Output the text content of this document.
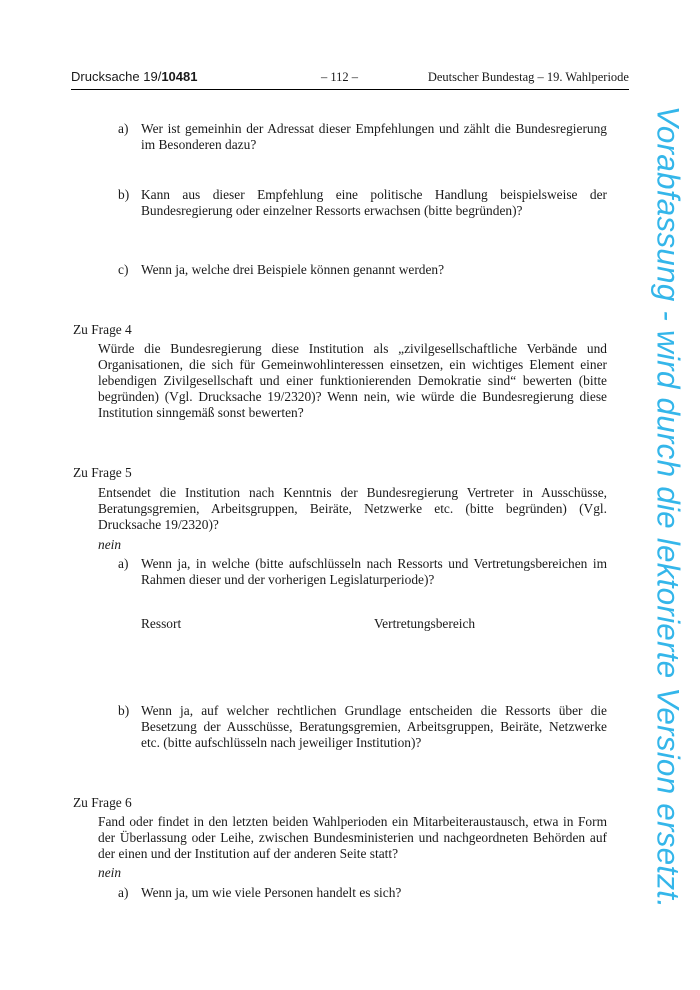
Drucksache 19/10481	– 112 –	Deutscher Bundestag – 19. Wahlperiode
a) Wer ist gemeinhin der Adressat dieser Empfehlungen und zählt die Bundesregierung im Besonderen dazu?

b) Kann aus dieser Empfehlung eine politische Handlung beispielsweise der Bundesregierung oder einzelner Ressorts erwachsen (bitte begründen)?

c) Wenn ja, welche drei Beispiele können genannt werden?

Zu Frage 4

Würde die Bundesregierung diese Institution als „zivilgesellschaftliche Verbände und Organisationen, die sich für Gemeinwohlinteressen einsetzen, ein wichtiges Element einer lebendigen Zivilgesellschaft und einer funktionierenden Demokratie sind“ bewerten (bitte begründen) (Vgl. Drucksache 19/2320)? Wenn nein, wie würde die Bundesregierung diese Institution sinngemäß sonst bewerten?

Zu Frage 5

Entsendet die Institution nach Kenntnis der Bundesregierung Vertreter in Ausschüsse, Beratungsgremien, Arbeitsgruppen, Beiräte, Netzwerke etc. (bitte begründen) (Vgl. Drucksache 19/2320)?

nein
a) Wenn ja, in welche (bitte aufschlüsseln nach Ressorts und Vertretungsbereichen im Rahmen dieser und der vorherigen Legislaturperiode)?

Ressort	Vertretungsbereich
b) Wenn ja, auf welcher rechtlichen Grundlage entscheiden die Ressorts über die Besetzung der Ausschüsse, Beratungsgremien, Arbeitsgruppen, Beiräte, Netzwerke etc. (bitte aufschlüsseln nach jeweiliger Institution)?

Zu Frage 6

Fand oder findet in den letzten beiden Wahlperioden ein Mitarbeiteraustausch, etwa in Form der Überlassung oder Leihe, zwischen Bundesministerien und nachgeordneten Behörden auf der einen und der Institution auf der anderen Seite statt?

nein
a) Wenn ja, um wie viele Personen handelt es sich?	Vorabfassung - wird durch die lektorierte Version ersetzt.
